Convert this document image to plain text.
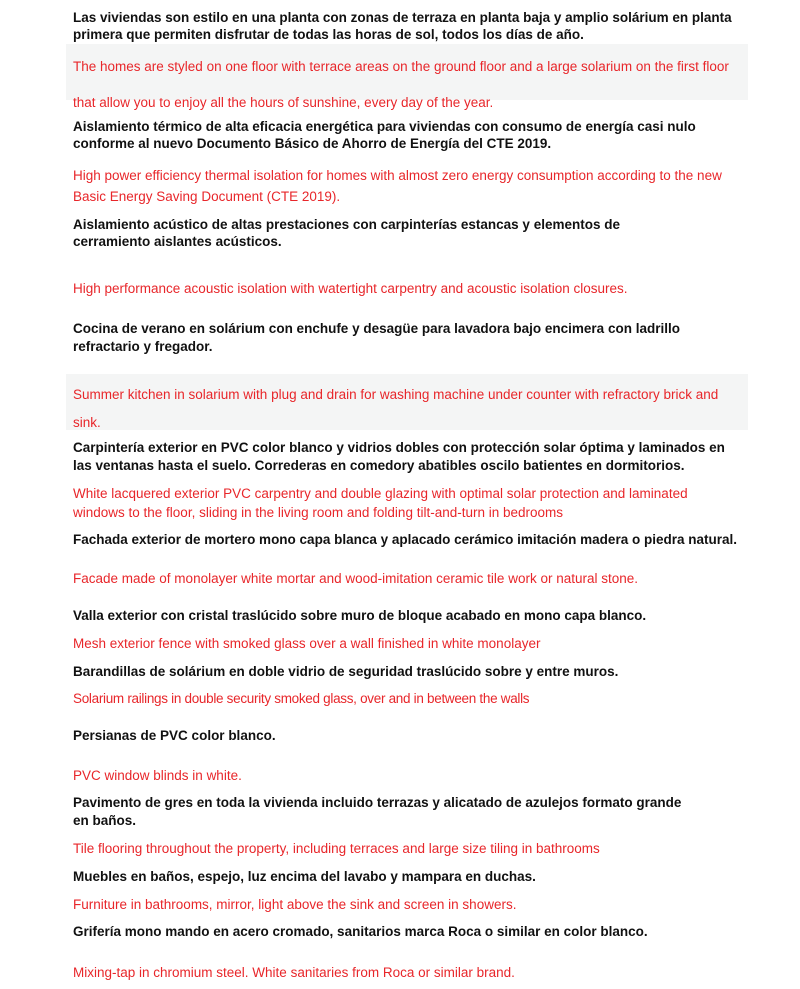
Las viviendas son estilo en una planta con zonas de terraza en planta baja y amplio solárium en planta primera que permiten disfrutar de todas las horas de sol, todos los días de año.

The homes are styled on one floor with terrace areas on the ground floor and a large solarium on the first floor that allow you to enjoy all the hours of sunshine, every day of the year.

Aislamiento térmico de alta eficacia energética para viviendas con consumo de energía casi nulo conforme al nuevo Documento Básico de Ahorro de Energía del CTE 2019.

High power efficiency thermal isolation for homes with almost zero energy consumption according to the new Basic Energy Saving Document (CTE 2019).

Aislamiento acústico de altas prestaciones con carpinterías estancas y elementos de cerramiento aislantes acústicos.

High performance acoustic isolation with watertight carpentry and acoustic isolation closures.

Cocina de verano en solárium con enchufe y desagüe para lavadora bajo encimera con ladrillo refractario y fregador.

Summer kitchen in solarium with plug and drain for washing machine under counter with refractory brick and sink.

Carpintería exterior en PVC color blanco y vidrios dobles con protección solar óptima y laminados en las ventanas hasta el suelo. Correderas en comedory abatibles oscilo batientes en dormitorios.

White lacquered exterior PVC carpentry and double glazing with optimal solar protection and laminated windows to the floor, sliding in the living room and folding tilt-and-turn in bedrooms

Fachada exterior de mortero mono capa blanca y aplacado cerámico imitación madera o piedra natural.

Facade made of monolayer white mortar and wood-imitation ceramic tile work or natural stone.

Valla exterior con cristal traslúcido sobre muro de bloque acabado en mono capa blanco.

Mesh exterior fence with smoked glass over a wall finished in white monolayer

Barandillas de solárium en doble vidrio de seguridad traslúcido sobre y entre muros.

Solarium railings in double security smoked glass, over and in between the walls

Persianas de PVC color blanco.

PVC window blinds in white.

Pavimento de gres en toda la vivienda incluido terrazas y alicatado de azulejos formato grande en baños.

Tile flooring throughout the property, including terraces and large size tiling in bathrooms

Muebles en baños, espejo, luz encima del lavabo y mampara en duchas.

Furniture in bathrooms, mirror, light above the sink and screen in showers.

Grifería mono mando en acero cromado, sanitarios marca Roca o similar en color blanco.

Mixing-tap in chromium steel. White sanitaries from Roca or similar brand.
